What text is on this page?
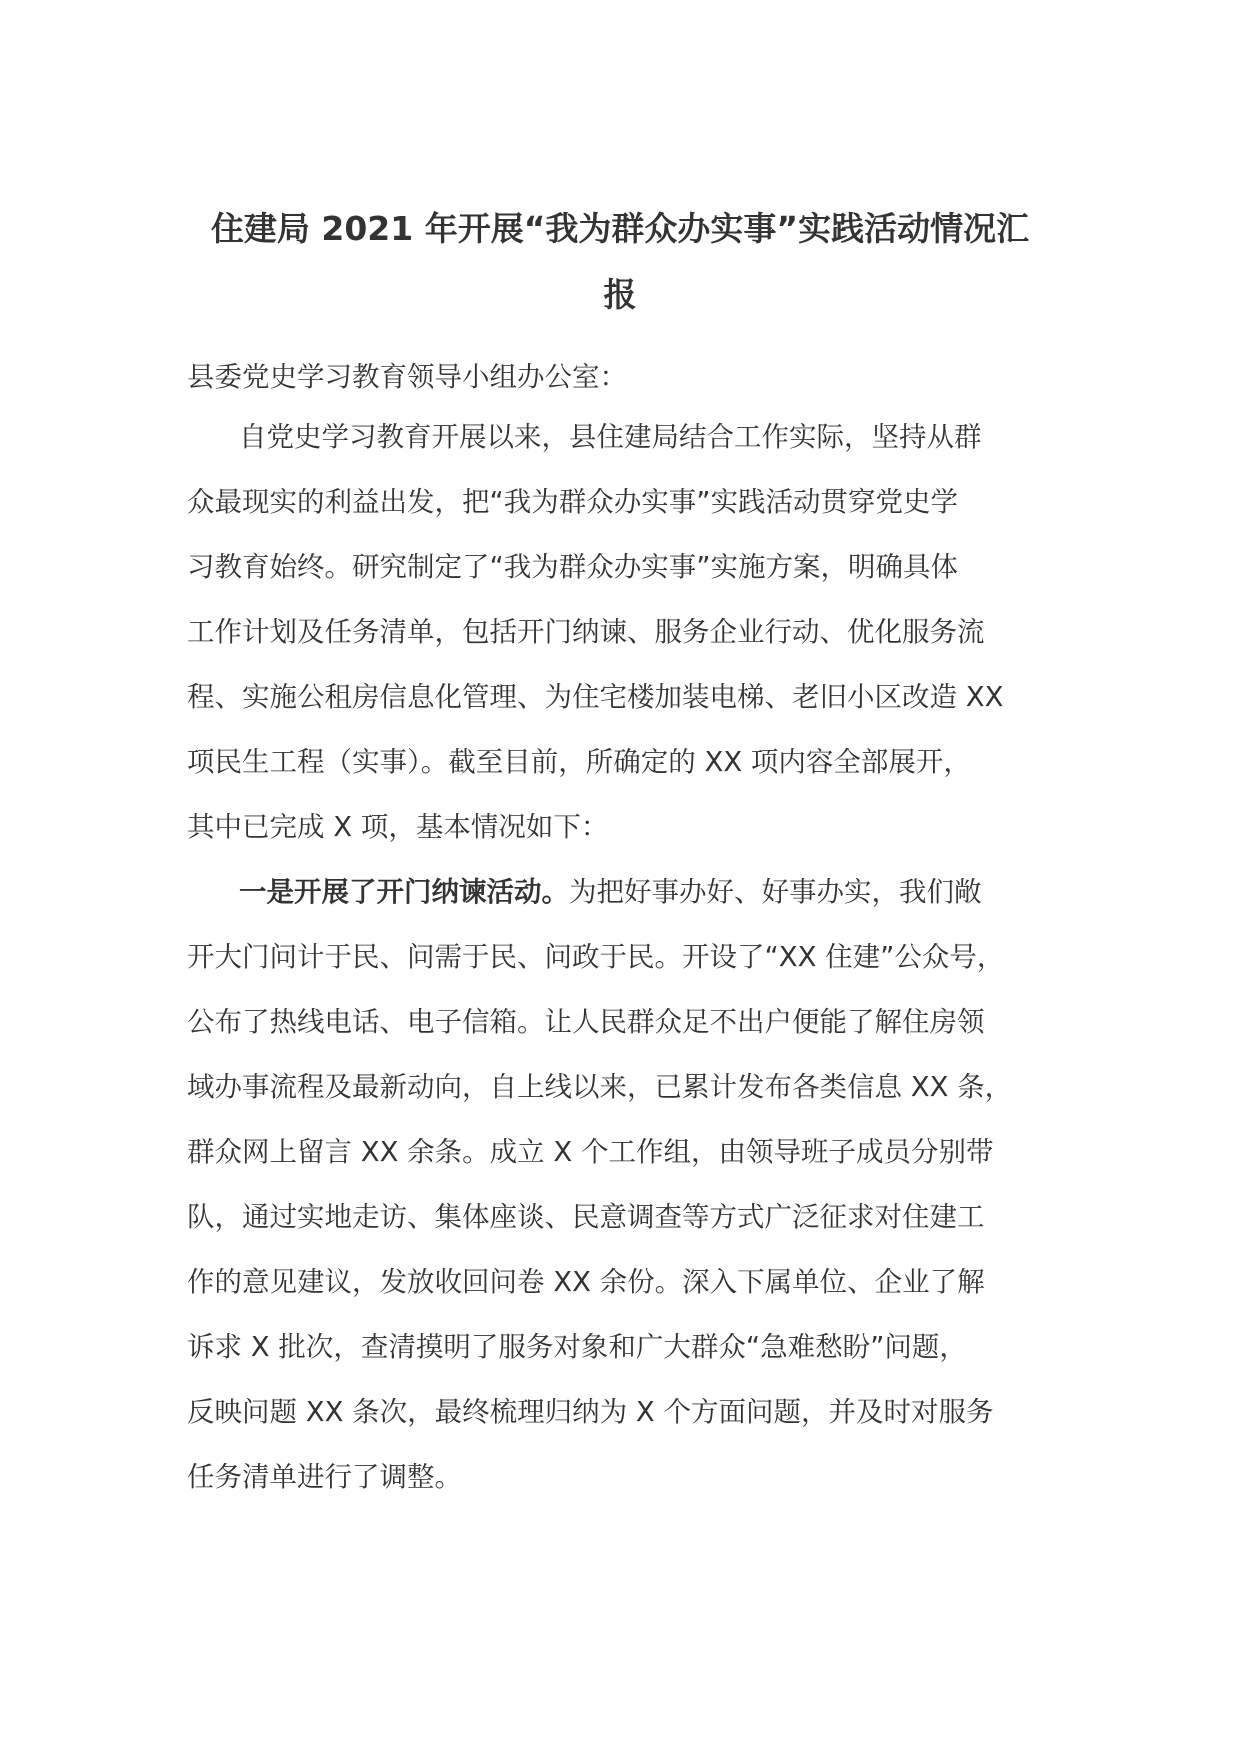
住建局 2021 年开展“我为群众办实事”实践活动情况汇
报

县委党史学习教育领导小组办公室：

自党史学习教育开展以来，县住建局结合工作实际，坚持从群
众最现实的利益出发，把“我为群众办实事”实践活动贯穿党史学
习教育始终。研究制定了“我为群众办实事”实施方案，明确具体
工作计划及任务清单，包括开门纳谏、服务企业行动、优化服务流
程、实施公租房信息化管理、为住宅楼加装电梯、老旧小区改造 XX
项民生工程（实事）。截至目前，所确定的 XX 项内容全部展开，
其中已完成 X 项，基本情况如下：

一是开展了开门纳谏活动。为把好事办好、好事办实，我们敞
开大门问计于民、问需于民、问政于民。开设了“XX 住建”公众号，
公布了热线电话、电子信箱。让人民群众足不出户便能了解住房领
域办事流程及最新动向，自上线以来，已累计发布各类信息 XX 条，
群众网上留言 XX 余条。成立 X 个工作组，由领导班子成员分别带
队，通过实地走访、集体座谈、民意调查等方式广泛征求对住建工
作的意见建议，发放收回问卷 XX 余份。深入下属单位、企业了解
诉求 X 批次，查清摸明了服务对象和广大群众“急难愁盼”问题，
反映问题 XX 条次，最终梳理归纳为 X 个方面问题，并及时对服务
任务清单进行了调整。
